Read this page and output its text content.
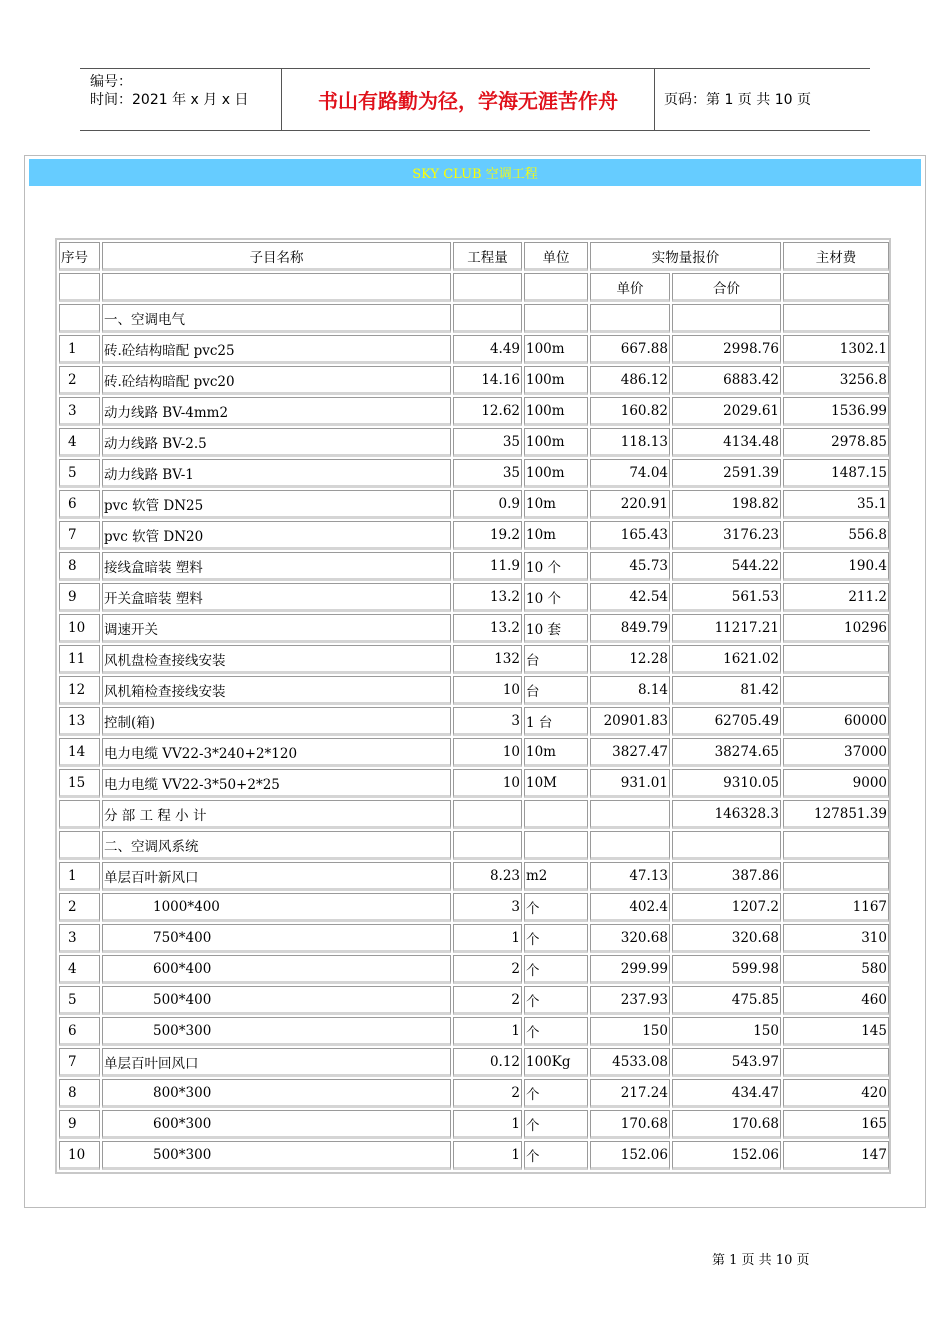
编号：
时间：2021 年 x 月 x 日	书山有路勤为径，学海无涯苦作舟	页码：第 1 页 共 10 页
SKY CLUB 空调工程
序号	子目名称	工程量	单位	实物量报价		主材费
				单价	合价	
	一、空调电气					
1	砖.砼结构暗配 pvc25	4.49	100m	667.88	2998.76	1302.1
2	砖.砼结构暗配 pvc20	14.16	100m	486.12	6883.42	3256.8
3	动力线路 BV-4mm2	12.62	100m	160.82	2029.61	1536.99
4	动力线路 BV-2.5	35	100m	118.13	4134.48	2978.85
5	动力线路 BV-1	35	100m	74.04	2591.39	1487.15
6	pvc 软管 DN25	0.9	10m	220.91	198.82	35.1
7	pvc 软管 DN20	19.2	10m	165.43	3176.23	556.8
8	接线盒暗装 塑料	11.9	10 个	45.73	544.22	190.4
9	开关盒暗装 塑料	13.2	10 个	42.54	561.53	211.2
10	调速开关	13.2	10 套	849.79	11217.21	10296
11	风机盘检查接线安装	132	台	12.28	1621.02	
12	风机箱检查接线安装	10	台	8.14	81.42	
13	控制(箱)	3	1 台	20901.83	62705.49	60000
14	电力电缆 VV22-3*240+2*120	10	10m	3827.47	38274.65	37000
15	电力电缆 VV22-3*50+2*25	10	10M	931.01	9310.05	9000
	分 部 工 程 小 计				146328.3	127851.39
	二、空调风系统					
1	单层百叶新风口	8.23	m2	47.13	387.86	
2	1000*400	3	个	402.4	1207.2	1167
3	750*400	1	个	320.68	320.68	310
4	600*400	2	个	299.99	599.98	580
5	500*400	2	个	237.93	475.85	460
6	500*300	1	个	150	150	145
7	单层百叶回风口	0.12	100Kg	4533.08	543.97	
8	800*300	2	个	217.24	434.47	420
9	600*300	1	个	170.68	170.68	165
10	500*300	1	个	152.06	152.06	147
第 1 页 共 10 页
